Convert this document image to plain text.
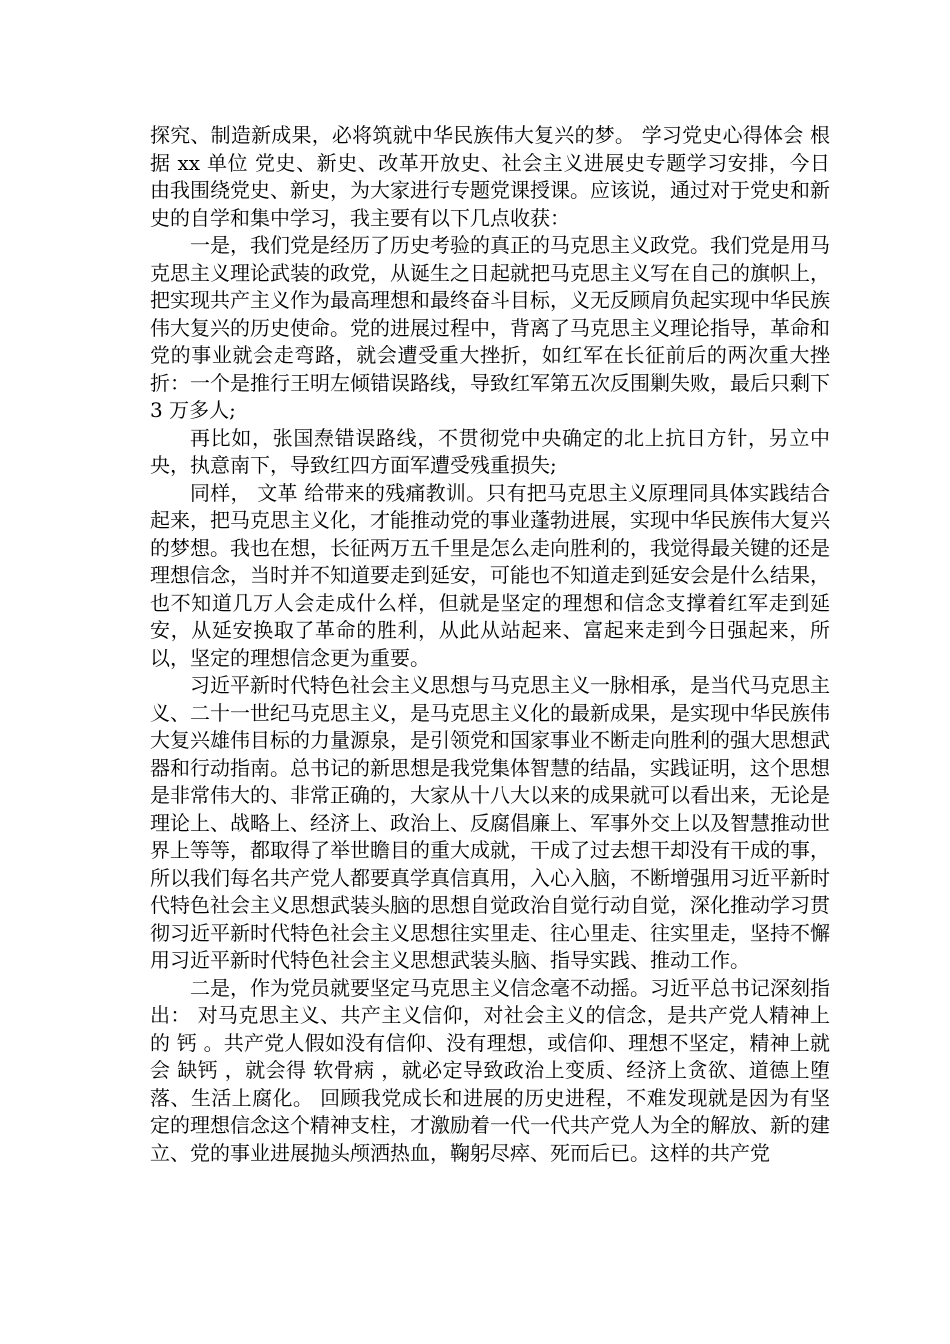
探究、制造新成果，必将筑就中华民族伟大复兴的梦。 学习党史心得体会 根据 xx 单位 党史、新史、改革开放史、社会主义进展史专题学习安排，今日由我围绕党史、新史，为大家进行专题党课授课。应该说，通过对于党史和新史的自学和集中学习，我主要有以下几点收获：

一是，我们党是经历了历史考验的真正的马克思主义政党。我们党是用马克思主义理论武装的政党，从诞生之日起就把马克思主义写在自己的旗帜上，把实现共产主义作为最高理想和最终奋斗目标，义无反顾肩负起实现中华民族伟大复兴的历史使命。党的进展过程中，背离了马克思主义理论指导，革命和党的事业就会走弯路，就会遭受重大挫折，如红军在长征前后的两次重大挫折：一个是推行王明左倾错误路线，导致红军第五次反围剿失败，最后只剩下 3 万多人;

再比如，张国焘错误路线，不贯彻党中央确定的北上抗日方针，另立中央，执意南下，导致红四方面军遭受残重损失;

同样， 文革 给带来的残痛教训。只有把马克思主义原理同具体实践结合起来，把马克思主义化，才能推动党的事业蓬勃进展，实现中华民族伟大复兴的梦想。我也在想，长征两万五千里是怎么走向胜利的，我觉得最关键的还是理想信念，当时并不知道要走到延安，可能也不知道走到延安会是什么结果，也不知道几万人会走成什么样，但就是坚定的理想和信念支撑着红军走到延安，从延安换取了革命的胜利，从此从站起来、富起来走到今日强起来，所以，坚定的理想信念更为重要。

习近平新时代特色社会主义思想与马克思主义一脉相承，是当代马克思主义、二十一世纪马克思主义，是马克思主义化的最新成果，是实现中华民族伟大复兴雄伟目标的力量源泉，是引领党和国家事业不断走向胜利的强大思想武器和行动指南。总书记的新思想是我党集体智慧的结晶，实践证明，这个思想是非常伟大的、非常正确的，大家从十八大以来的成果就可以看出来，无论是理论上、战略上、经济上、政治上、反腐倡廉上、军事外交上以及智慧推动世界上等等，都取得了举世瞻目的重大成就，干成了过去想干却没有干成的事，所以我们每名共产党人都要真学真信真用，入心入脑，不断增强用习近平新时代特色社会主义思想武装头脑的思想自觉政治自觉行动自觉，深化推动学习贯彻习近平新时代特色社会主义思想往实里走、往心里走、往实里走，坚持不懈用习近平新时代特色社会主义思想武装头脑、指导实践、推动工作。

二是，作为党员就要坚定马克思主义信念毫不动摇。习近平总书记深刻指出： 对马克思主义、共产主义信仰，对社会主义的信念，是共产党人精神上的 钙 。共产党人假如没有信仰、没有理想，或信仰、理想不坚定，精神上就会 缺钙 ，就会得 软骨病 ，就必定导致政治上变质、经济上贪欲、道德上堕落、生活上腐化。 回顾我党成长和进展的历史进程，不难发现就是因为有坚定的理想信念这个精神支柱，才激励着一代一代共产党人为全的解放、新的建立、党的事业进展抛头颅洒热血，鞠躬尽瘁、死而后已。这样的共产党
